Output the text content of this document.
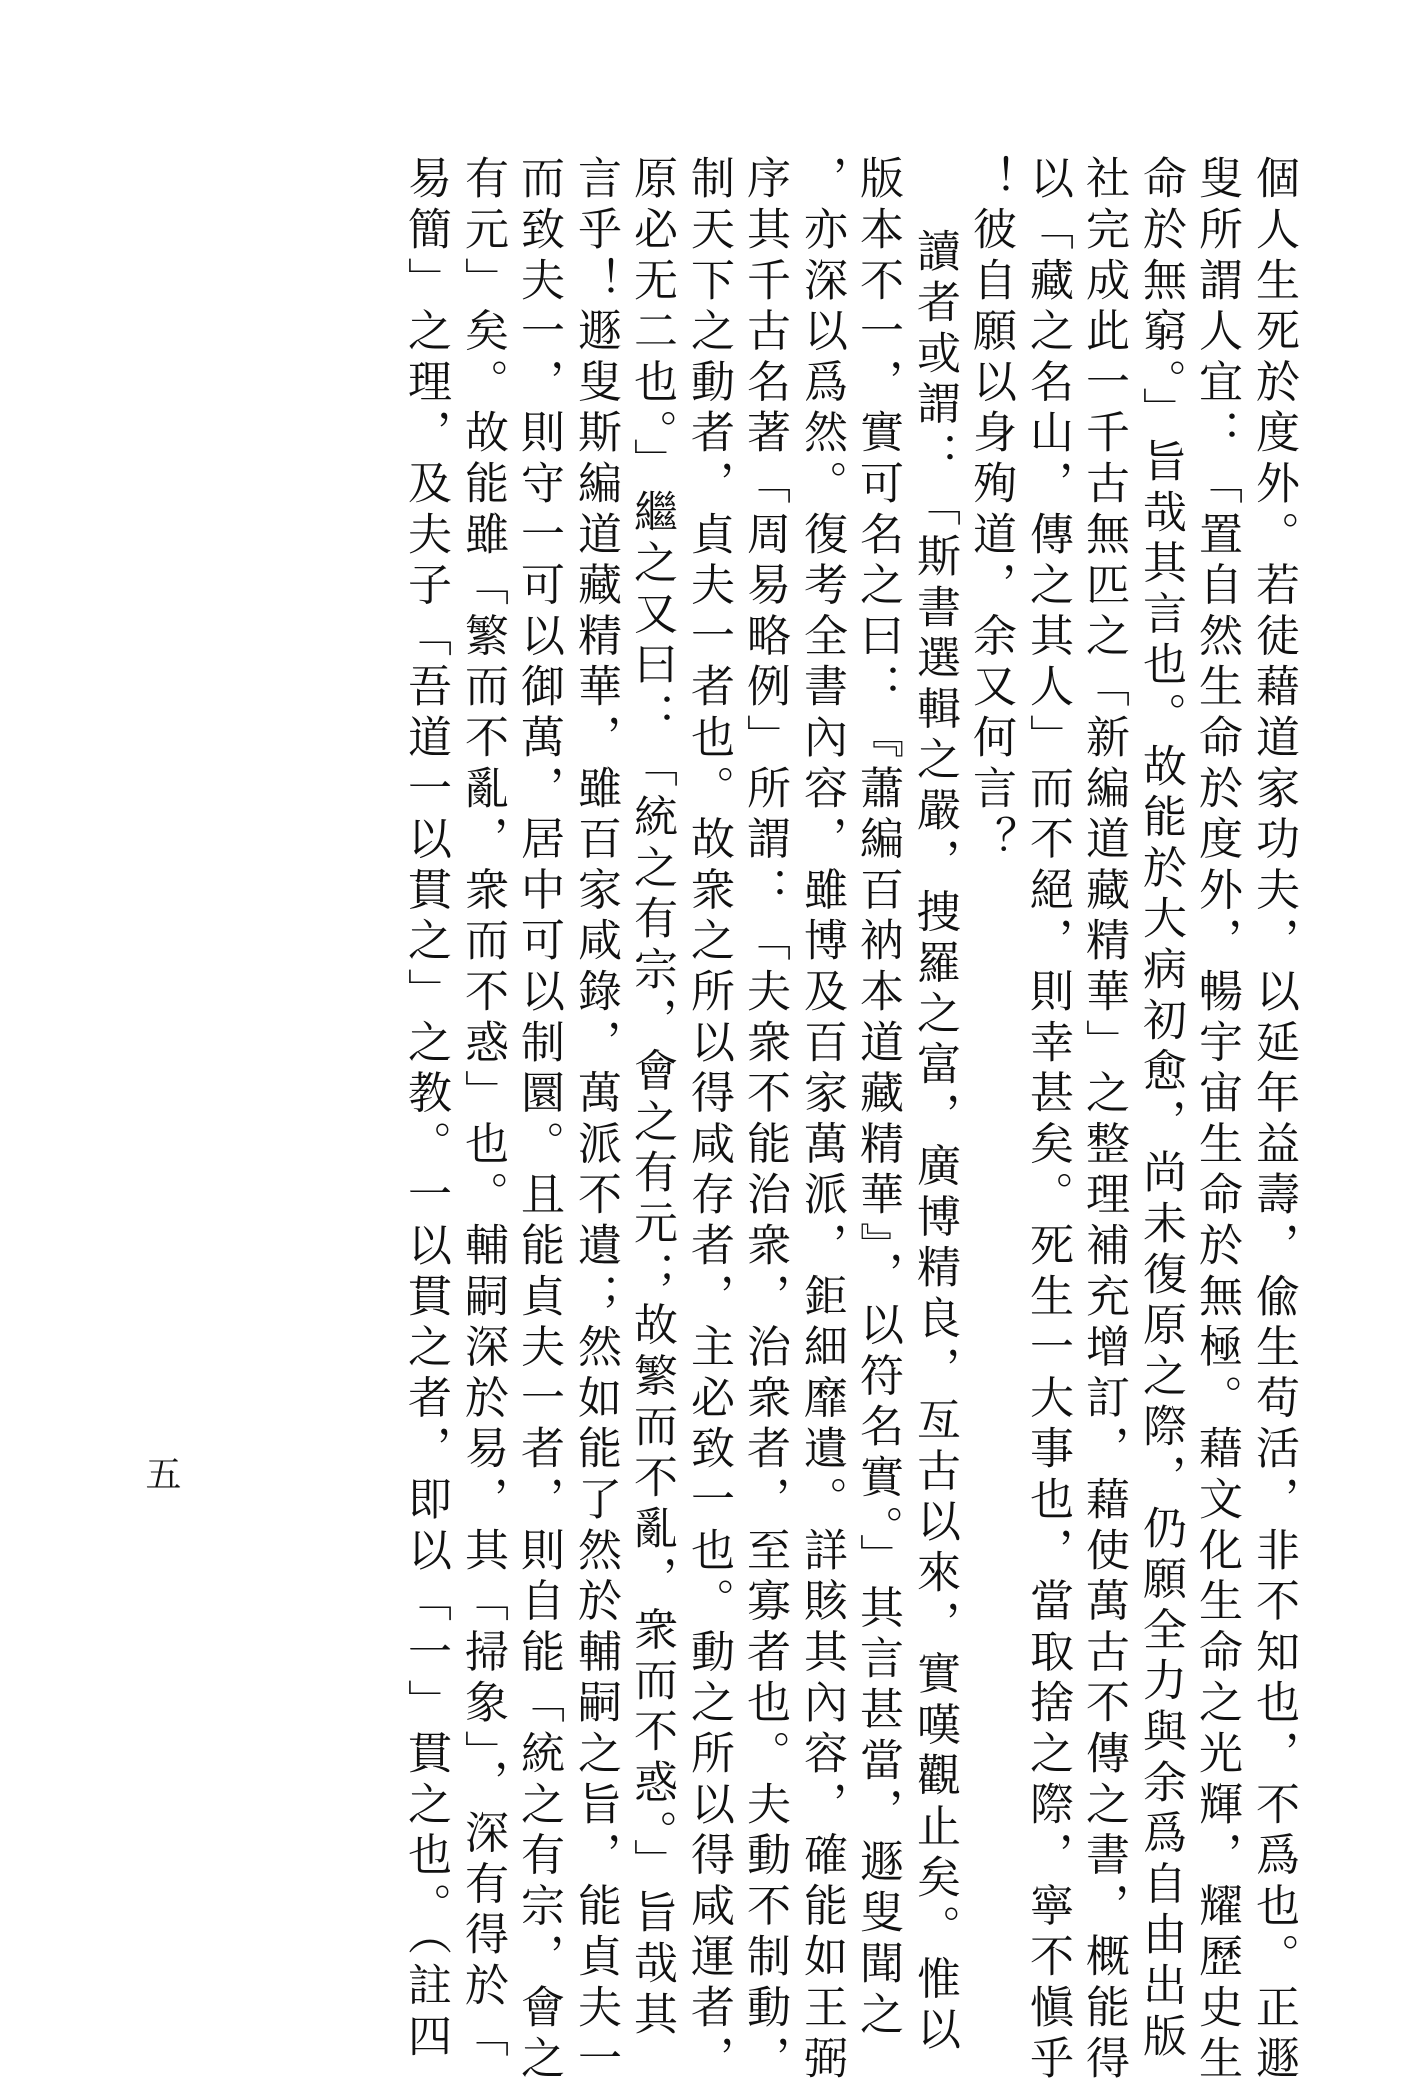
個人生死於度外。若徒藉道家功夫，以延年益壽，偸生苟活，非不知也，不爲也。正遯
叟所謂人宜：「置自然生命於度外，暢宇宙生命於無極。藉文化生命之光輝，耀歷史生
命於無窮。」旨哉其言也。故能於大病初愈，尚未復原之際，仍願全力與余爲自由出版
社完成此一千古無匹之「新編道藏精華」之整理補充增訂，藉使萬古不傳之書，概能得
以「藏之名山，傳之其人」而不絕，則幸甚矣。死生一大事也，當取捨之際，寧不愼乎
！彼自願以身殉道，余又何言？
讀者或謂：「斯書選輯之嚴，捜羅之富，廣博精良，亙古以來，實嘆觀止矣。惟以
版本不一，實可名之曰：『蕭編百衲本道藏精華』，以符名實。」其言甚當，遯叟聞之
，亦深以爲然。復考全書內容，雖博及百家萬派，鉅細靡遺。詳賅其內容，確能如王弼
序其千古名著「周易略例」所謂：「夫衆不能治衆，治衆者，至寡者也。夫動不制動，
制天下之動者，貞夫一者也。故衆之所以得咸存者，主必致一也。動之所以得咸運者，
原必无二也。」繼之又曰：「統之有宗，會之有元；故繁而不亂，衆而不惑。」旨哉其
言乎！遯叟斯編道藏精華，雖百家咸錄，萬派不遺；然如能了然於輔嗣之旨，能貞夫一
而致夫一，則守一可以御萬，居中可以制圜。且能貞夫一者，則自能「統之有宗，會之
有元」矣。故能雖「繁而不亂，衆而不惑」也。輔嗣深於易，其「掃象」，深有得於「
易簡」之理，及夫子「吾道一以貫之」之教。一以貫之者，即以「一」貫之也。（註四
五
